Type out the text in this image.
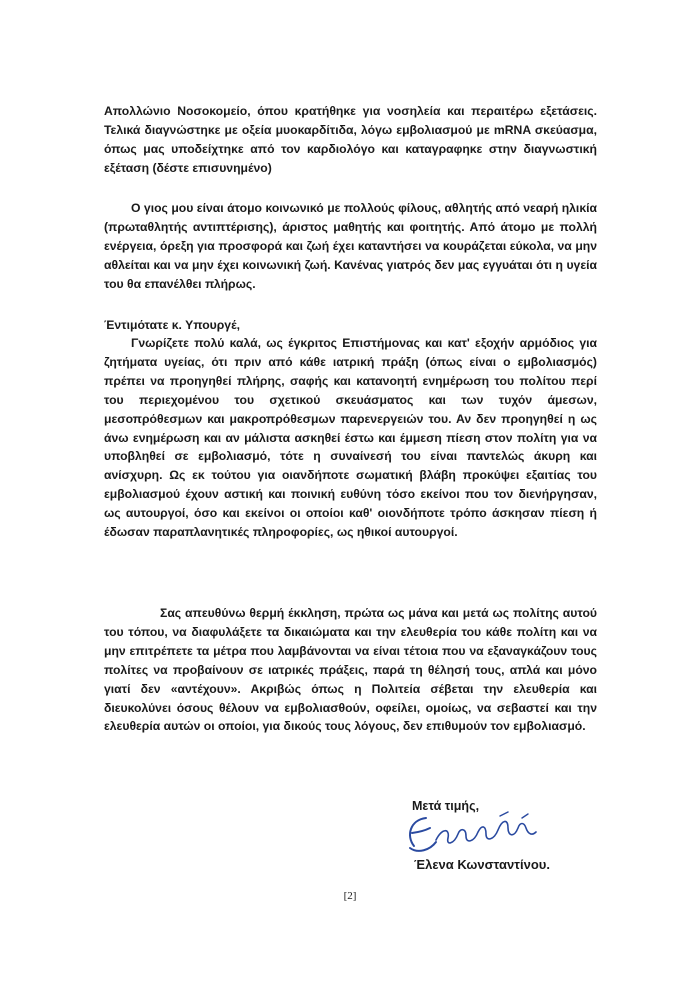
Απολλώνιο Νοσοκομείο, όπου κρατήθηκε για νοσηλεία και περαιτέρω εξετάσεις. Τελικά διαγνώστηκε με οξεία μυοκαρδίτιδα, λόγω εμβολιασμού με mRNA σκεύασμα, όπως μας υποδείχτηκε από τον καρδιολόγο και καταγραφηκε στην διαγνωστική εξέταση (δέστε επισυνημένο)

Ο γιος μου είναι άτομο κοινωνικό με πολλούς φίλους, αθλητής από νεαρή ηλικία (πρωταθλητής αντιπτέρισης), άριστος μαθητής και φοιτητής. Από άτομο με πολλή ενέργεια, όρεξη για προσφορά και ζωή έχει καταντήσει να κουράζεται εύκολα, να μην αθλείται και να μην έχει κοινωνική ζωή. Κανένας γιατρός δεν μας εγγυάται ότι η υγεία του θα επανέλθει πλήρως.

Έντιμότατε κ. Υπουργέ,

Γνωρίζετε πολύ καλά, ως έγκριτος Επιστήμονας και κατ' εξοχήν αρμόδιος για ζητήματα υγείας, ότι πριν από κάθε ιατρική πράξη (όπως είναι ο εμβολιασμός) πρέπει να προηγηθεί πλήρης, σαφής και κατανοητή ενημέρωση του πολίτου περί του περιεχομένου του σχετικού σκευάσματος και των τυχόν άμεσων, μεσοπρόθεσμων και μακροπρόθεσμων παρενεργειών του. Αν δεν προηγηθεί η ως άνω ενημέρωση και αν μάλιστα ασκηθεί έστω και έμμεση πίεση στον πολίτη για να υποβληθεί σε εμβολιασμό, τότε η συναίνεσή του είναι παντελώς άκυρη και ανίσχυρη. Ως εκ τούτου για οιανδήποτε σωματική βλάβη προκύψει εξαιτίας του εμβολιασμού έχουν αστική και ποινική ευθύνη τόσο εκείνοι που τον διενήργησαν, ως αυτουργοί, όσο και εκείνοι οι οποίοι καθ' οιονδήποτε τρόπο άσκησαν πίεση ή έδωσαν παραπλανητικές πληροφορίες, ως ηθικοί αυτουργοί.

Σας απευθύνω θερμή έκκληση, πρώτα ως μάνα και μετά ως πολίτης αυτού του τόπου, να διαφυλάξετε τα δικαιώματα και την ελευθερία του κάθε πολίτη και να μην επιτρέπετε τα μέτρα που λαμβάνονται να είναι τέτοια που να εξαναγκάζουν τους πολίτες να προβαίνουν σε ιατρικές πράξεις, παρά τη θέλησή τους, απλά και μόνο γιατί δεν «αντέχουν». Ακριβώς όπως η Πολιτεία σέβεται την ελευθερία και διευκολύνει όσους θέλουν να εμβολιασθούν, οφείλει, ομοίως, να σεβαστεί και την ελευθερία αυτών οι οποίοι, για δικούς τους λόγους, δεν επιθυμούν τον εμβολιασμό.

Μετά τιμής,

Έλενα Κωνσταντίνου.

[2]
